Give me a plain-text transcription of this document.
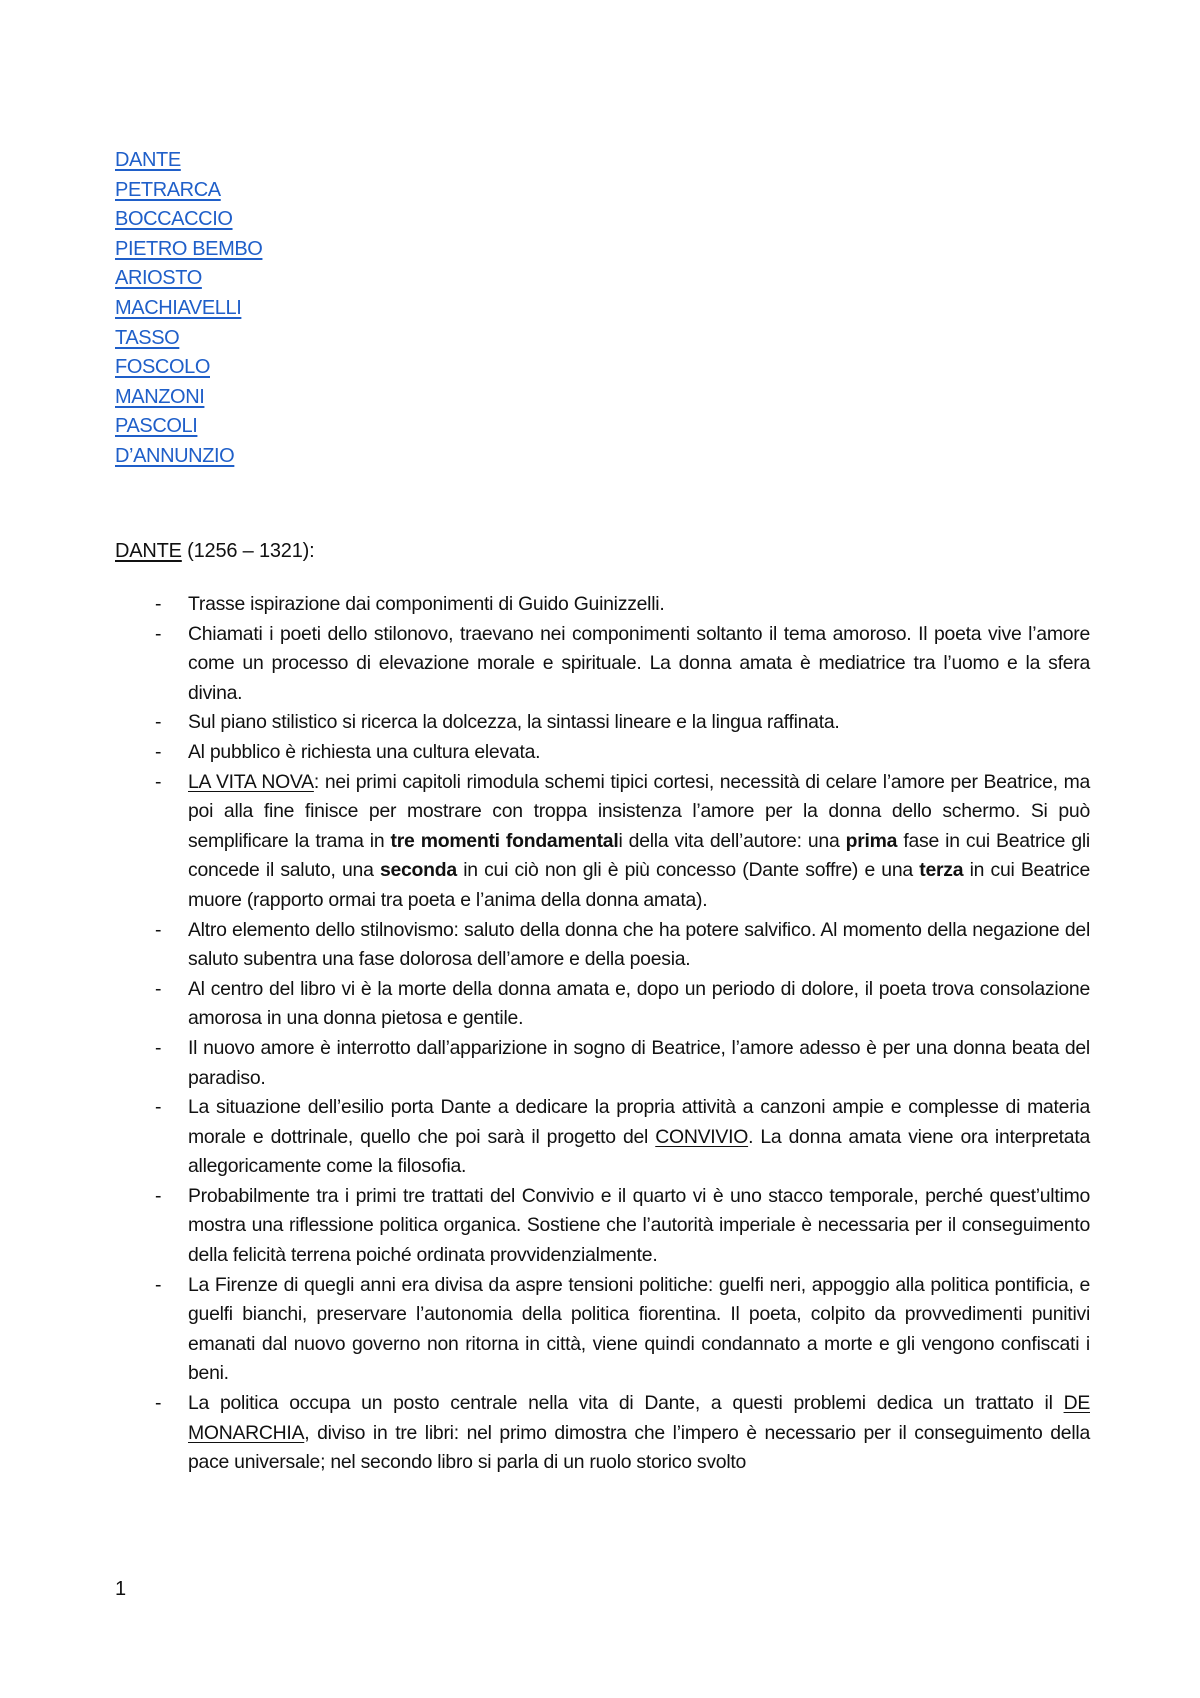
DANTE
PETRARCA
BOCCACCIO
PIETRO BEMBO
ARIOSTO
MACHIAVELLI
TASSO
FOSCOLO
MANZONI
PASCOLI
D’ANNUNZIO
DANTE (1256 – 1321):
- Trasse ispirazione dai componimenti di Guido Guinizzelli.
- Chiamati i poeti dello stilonovo, traevano nei componimenti soltanto il tema amoroso. Il poeta vive l’amore come un processo di elevazione morale e spirituale. La donna amata è mediatrice tra l’uomo e la sfera divina.
- Sul piano stilistico si ricerca la dolcezza, la sintassi lineare e la lingua raffinata.
- Al pubblico è richiesta una cultura elevata.
- LA VITA NOVA: nei primi capitoli rimodula schemi tipici cortesi, necessità di celare l’amore per Beatrice, ma poi alla fine finisce per mostrare con troppa insistenza l’amore per la donna dello schermo. Si può semplificare la trama in tre momenti fondamentali della vita dell’autore: una prima fase in cui Beatrice gli concede il saluto, una seconda in cui ciò non gli è più concesso (Dante soffre) e una terza in cui Beatrice muore (rapporto ormai tra poeta e l’anima della donna amata).
- Altro elemento dello stilnovismo: saluto della donna che ha potere salvifico. Al momento della negazione del saluto subentra una fase dolorosa dell’amore e della poesia.
- Al centro del libro vi è la morte della donna amata e, dopo un periodo di dolore, il poeta trova consolazione amorosa in una donna pietosa e gentile.
- Il nuovo amore è interrotto dall’apparizione in sogno di Beatrice, l’amore adesso è per una donna beata del paradiso.
- La situazione dell’esilio porta Dante a dedicare la propria attività a canzoni ampie e complesse di materia morale e dottrinale, quello che poi sarà il progetto del CONVIVIO. La donna amata viene ora interpretata allegoricamente come la filosofia.
- Probabilmente tra i primi tre trattati del Convivio e il quarto vi è uno stacco temporale, perché quest’ultimo mostra una riflessione politica organica. Sostiene che l’autorità imperiale è necessaria per il conseguimento della felicità terrena poiché ordinata provvidenzialmente.
- La Firenze di quegli anni era divisa da aspre tensioni politiche: guelfi neri, appoggio alla politica pontificia, e guelfi bianchi, preservare l’autonomia della politica fiorentina. Il poeta, colpito da provvedimenti punitivi emanati dal nuovo governo non ritorna in città, viene quindi condannato a morte e gli vengono confiscati i beni.
- La politica occupa un posto centrale nella vita di Dante, a questi problemi dedica un trattato il DE MONARCHIA, diviso in tre libri: nel primo dimostra che l’impero è necessario per il conseguimento della pace universale; nel secondo libro si parla di un ruolo storico svolto
1
